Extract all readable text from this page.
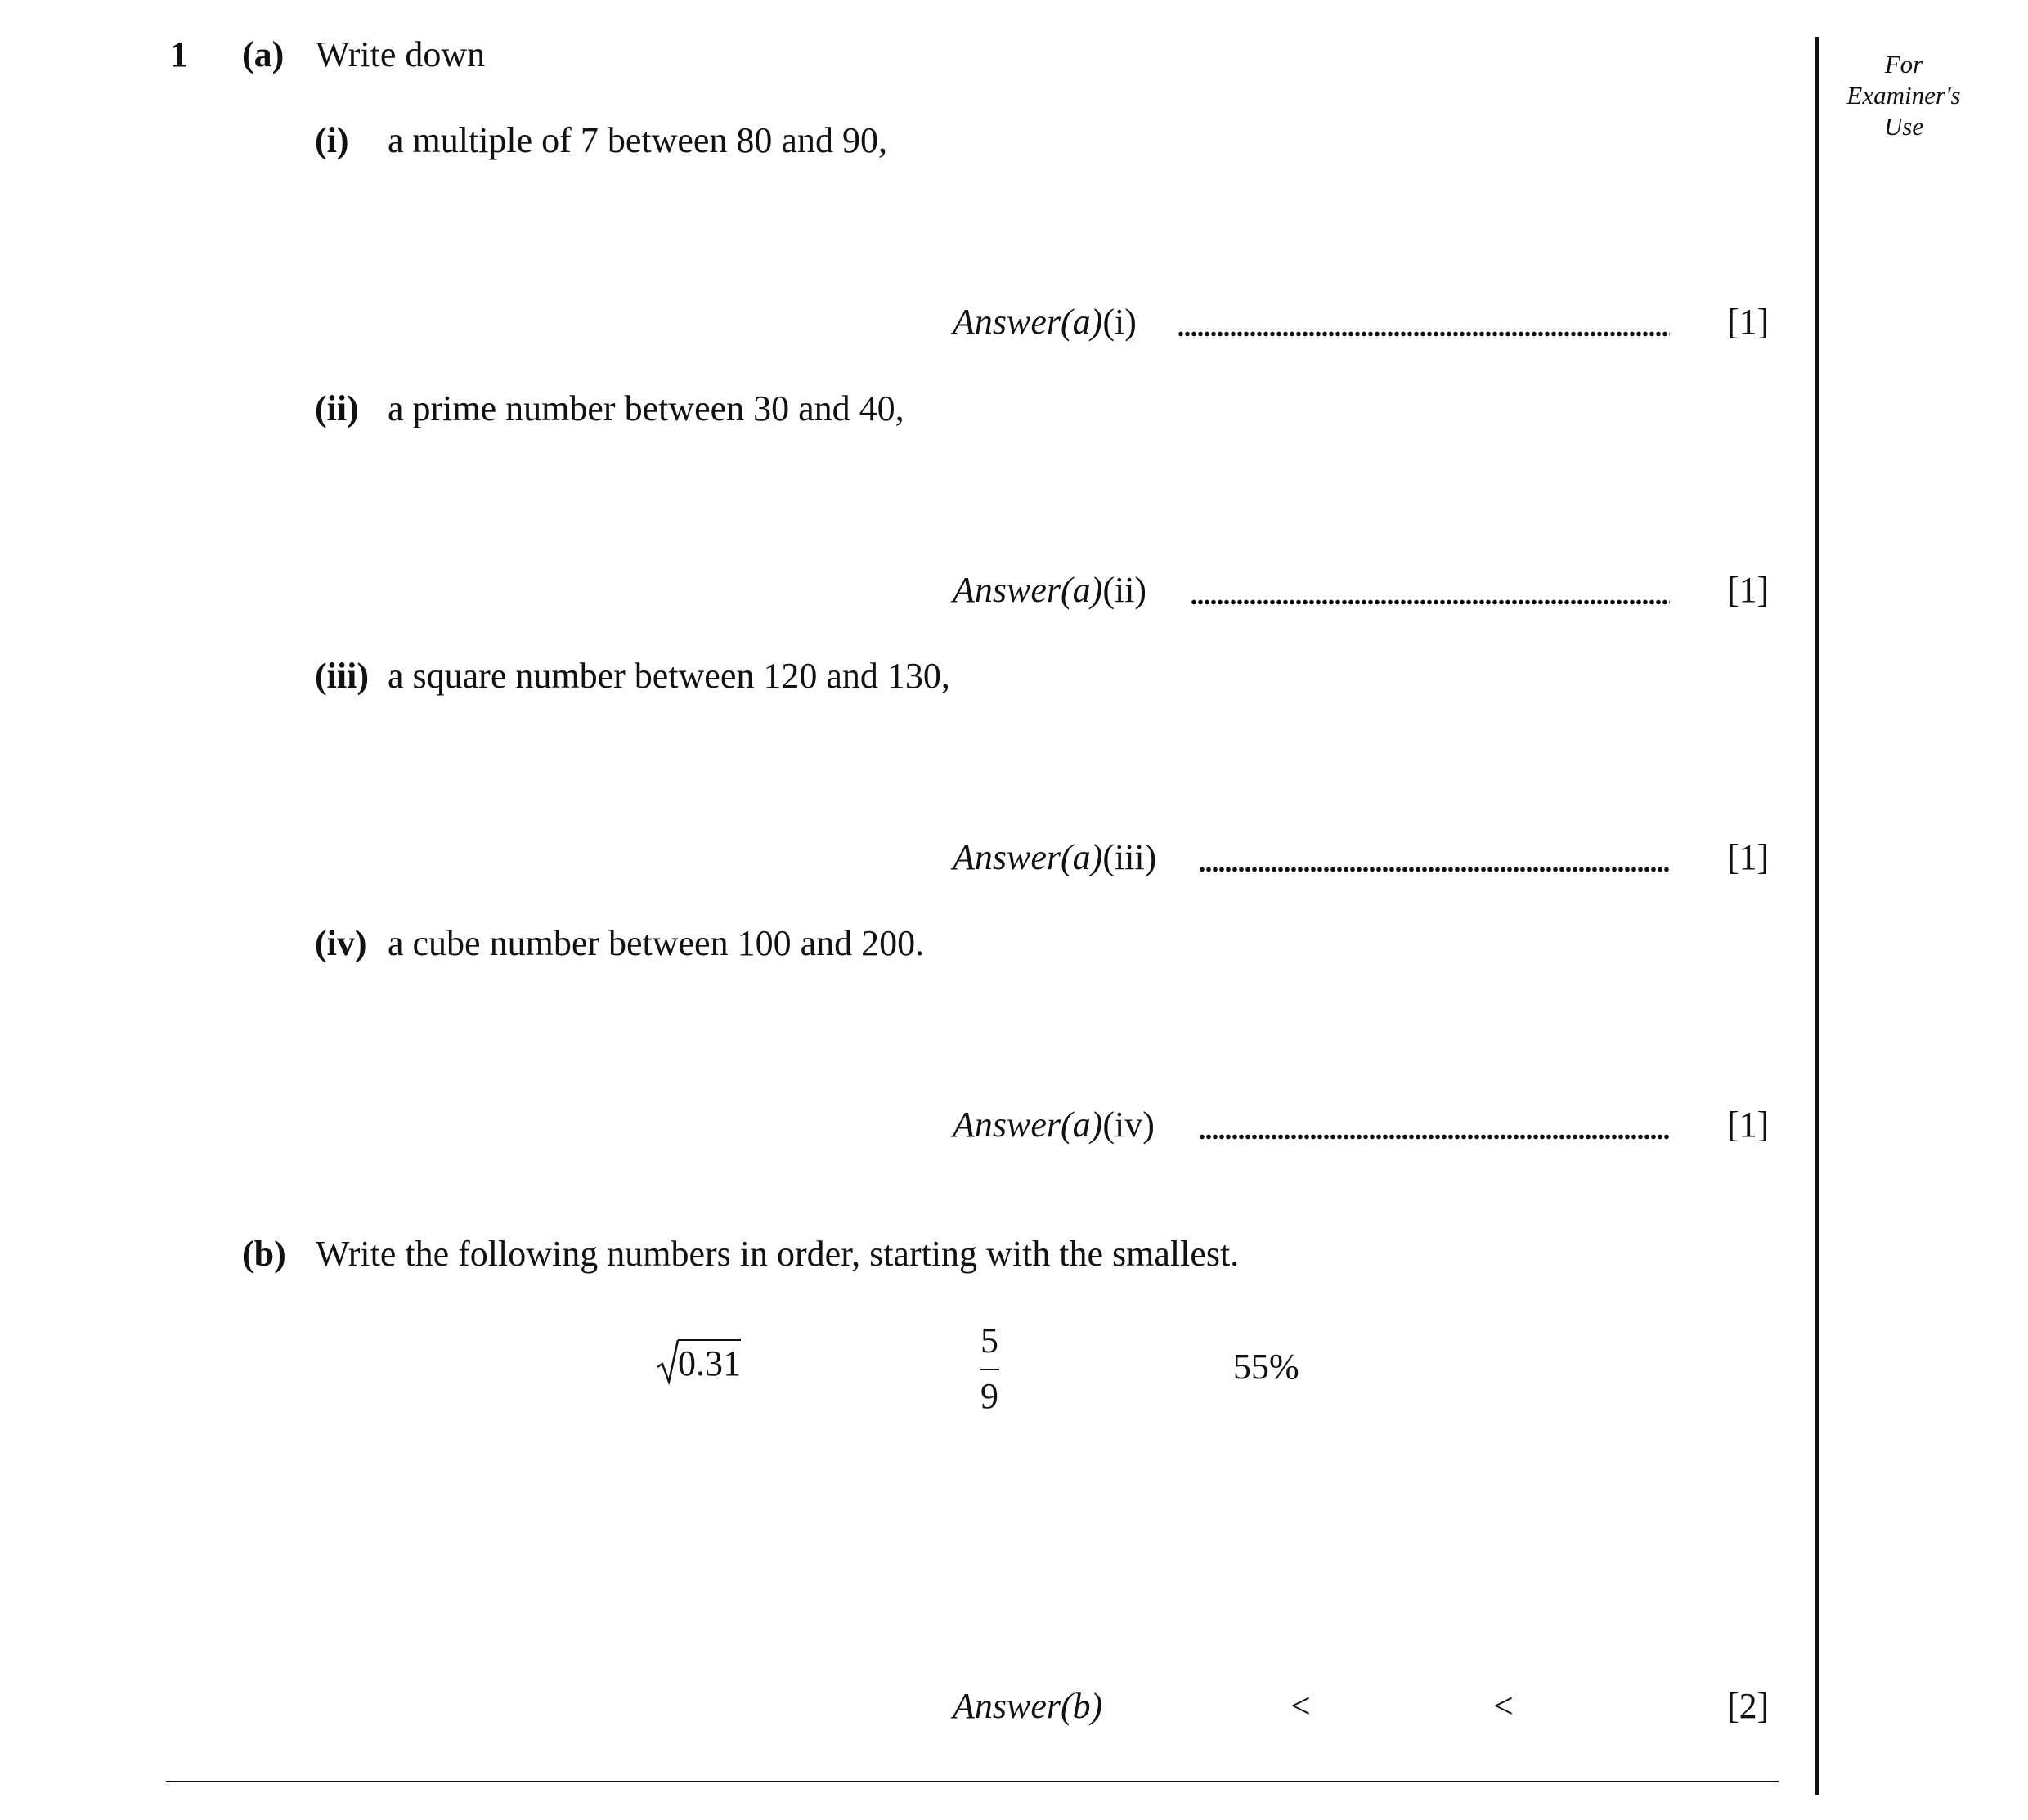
For
Examiner's
Use
1 (a) Write down
(i) a multiple of 7 between 80 and 90,
Answer(a)(i)	[1]
(ii) a prime number between 30 and 40,
Answer(a)(ii)	[1]
(iii) a square number between 120 and 130,
Answer(a)(iii)	[1]
(iv) a cube number between 100 and 200.
Answer(a)(iv)	[1]
(b) Write the following numbers in order, starting with the smallest.
0.31
5
9
55%
Answer(b)	<	<	[2]
